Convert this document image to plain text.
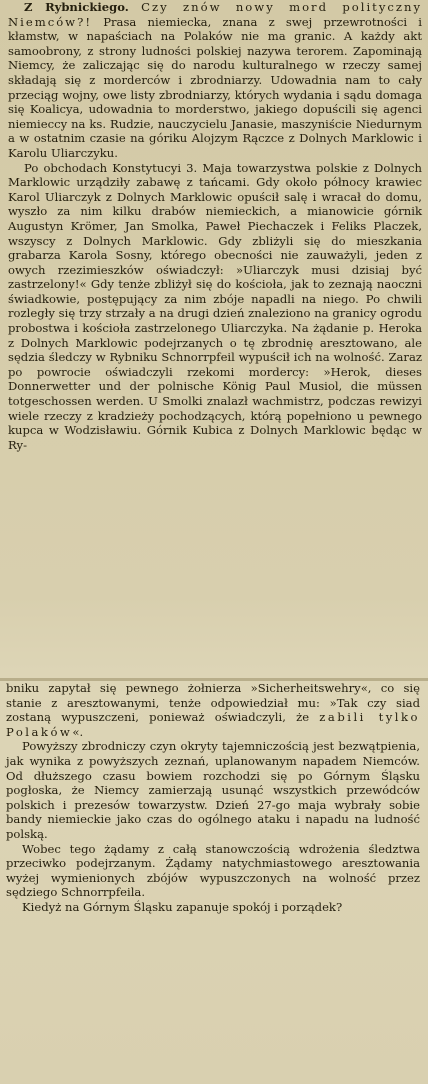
Z Rybnickiego. Czy znów nowy mord polityczny Niemców?! Prasa niemiecka, znana z swej przewrotności i kłamstw, w napaściach na Polaków nie ma granic. A każdy akt samoobrony, z strony ludności polskiej nazywa terorem. Zapominają Niemcy, że zaliczając się do narodu kulturalnego w rzeczy samej składają się z morderców i zbrodniarzy. Udowadnia nam to cały przeciąg wojny, owe listy zbrodniarzy, których wydania i sądu domaga się Koalicya, udowadnia to morderstwo, jakiego dopuścili się agenci niemieccy na ks. Rudzie, nauczycielu Janasie, maszyniście Niedurnym a w ostatnim czasie na góriku Alojzym Rączce z Dolnych Marklowic i Karolu Uliarczyku.

Po obchodach Konstytucyi 3. Maja towarzystwa polskie z Dolnych Marklowic urządziły zabawę z tańcami. Gdy około północy krawiec Karol Uliarczyk z Dolnych Marklowic opuścił salę i wracał do domu, wyszło za nim kilku drabów niemieckich, a mianowicie górnik Augustyn Krömer, Jan Smolka, Paweł Piechaczek i Feliks Placzek, wszyscy z Dolnych Marklowic. Gdy zbliżyli się do mieszkania grabarza Karola Sosny, którego obecności nie zauważyli, jeden z owych rzezimieszków oświadczył: »Uliarczyk musi dzisiaj być zastrzelony!« Gdy tenże zbliżył się do kościoła, jak to zeznają naoczni świadkowie, postępujący za nim zbóje napadli na niego. Po chwili rozległy się trzy strzały a na drugi dzień znaleziono na granicy ogrodu probostwa i kościoła zastrzelonego Uliarczyka. Na żądanie p. Heroka z Dolnych Marklowic podejrzanych o tę zbrodnię aresztowano, ale sędzia śledczy w Rybniku Schnorrpfeil wypuścił ich na wolność. Zaraz po powrocie oświadczyli rzekomi mordercy: »Herok, dieses Donnerwetter und der polnische König Paul Musiol, die müssen totgeschossen werden. U Smolki znalazł wachmistrz, podczas rewizyi wiele rzeczy z kradzieży pochodzących, którą popełniono u pewnego kupca w Wodzisławiu. Górnik Kubica z Dolnych Marklowic będąc w Ry-

bniku zapytał się pewnego żołnierza »Sicherheitswehry«, co się stanie z aresztowanymi, tenże odpowiedział mu: »Tak czy siad zostaną wypuszczeni, ponieważ oświadczyli, że zabili tylko Polaków«.

Powyższy zbrodniczy czyn okryty tajemniczością jest bezwątpienia, jak wynika z powyższych zeznań, uplanowanym napadem Niemców. Od dłuższego czasu bowiem rozchodzi się po Górnym Śląsku pogłoska, że Niemcy zamierzają usunąć wszystkich przewódców polskich i prezesów towarzystw. Dzień 27-go maja wybrały sobie bandy niemieckie jako czas do ogólnego ataku i napadu na ludność polską.

Wobec tego żądamy z całą stanowczością wdrożenia śledztwa przeciwko podejrzanym. Żądamy natychmiastowego aresztowania wyżej wymienionych zbójów wypuszczonych na wolność przez sędziego Schnorrpfeila.

Kiedyż na Górnym Śląsku zapanuje spokój i porządek?
